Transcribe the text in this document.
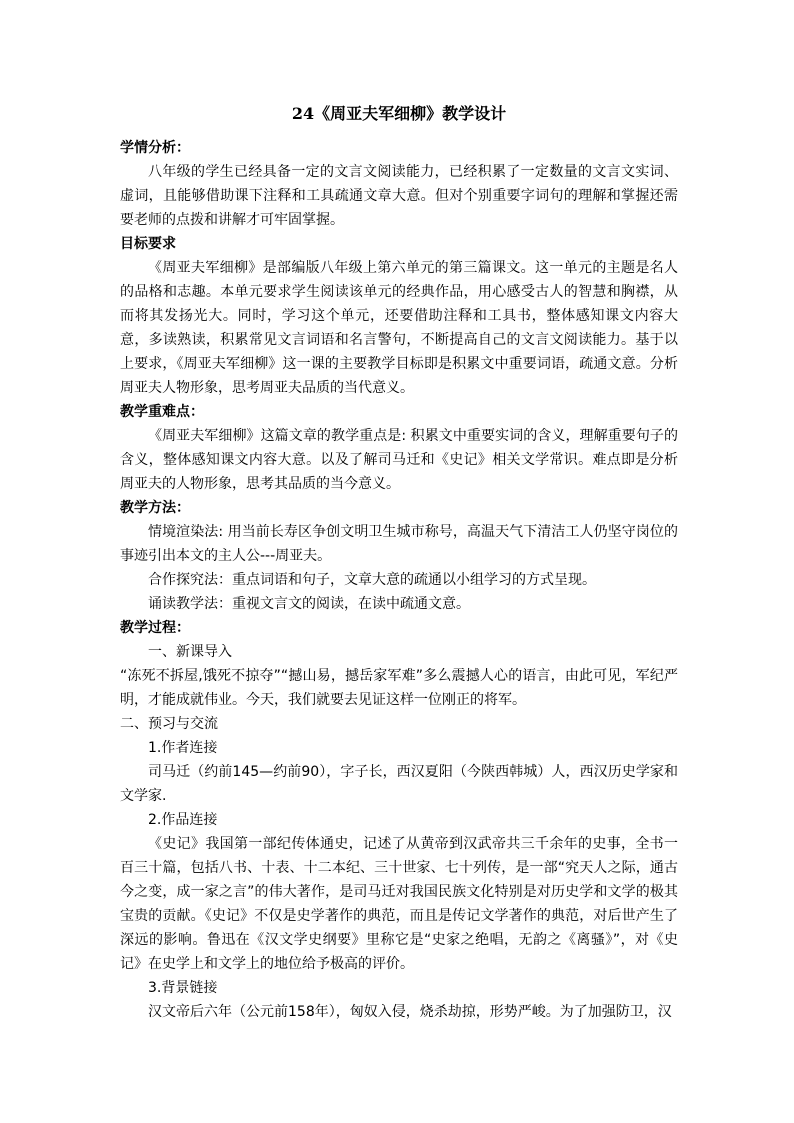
24《周亚夫军细柳》教学设计
学情分析：

八年级的学生已经具备一定的文言文阅读能力，已经积累了一定数量的文言文实词、虚词，且能够借助课下注释和工具疏通文章大意。但对个别重要字词句的理解和掌握还需要老师的点拨和讲解才可牢固掌握。

目标要求

《周亚夫军细柳》是部编版八年级上第六单元的第三篇课文。这一单元的主题是名人的品格和志趣。本单元要求学生阅读该单元的经典作品，用心感受古人的智慧和胸襟，从而将其发扬光大。同时，学习这个单元，还要借助注释和工具书，整体感知课文内容大意，多读熟读，积累常见文言词语和名言警句，不断提高自己的文言文阅读能力。基于以上要求，《周亚夫军细柳》这一课的主要教学目标即是积累文中重要词语，疏通文意。分析周亚夫人物形象，思考周亚夫品质的当代意义。

教学重难点：

《周亚夫军细柳》这篇文章的教学重点是: 积累文中重要实词的含义，理解重要句子的含义，整体感知课文内容大意。以及了解司马迁和《史记》相关文学常识。难点即是分析周亚夫的人物形象，思考其品质的当今意义。

教学方法：

情境渲染法: 用当前长寿区争创文明卫生城市称号，高温天气下清洁工人仍坚守岗位的事迹引出本文的主人公---周亚夫。

合作探究法：重点词语和句子，文章大意的疏通以小组学习的方式呈现。

诵读教学法：重视文言文的阅读，在读中疏通文意。

教学过程：
一、新课导入

“冻死不拆屋,饿死不掠夺”“撼山易，撼岳家军难”多么震撼人心的语言，由此可见，军纪严明，才能成就伟业。今天，我们就要去见证这样一位刚正的将军。

二、预习与交流
1.作者连接

司马迁（约前145—约前90），字子长，西汉夏阳（今陕西韩城）人，西汉历史学家和文学家.

2.作品连接

《史记》我国第一部纪传体通史，记述了从黄帝到汉武帝共三千余年的史事，全书一百三十篇，包括八书、十表、十二本纪、三十世家、七十列传，是一部“究天人之际，通古今之变，成一家之言”的伟大著作，是司马迁对我国民族文化特别是对历史学和文学的极其宝贵的贡献。《史记》不仅是史学著作的典范，而且是传记文学著作的典范，对后世产生了深远的影响。鲁迅在《汉文学史纲要》里称它是“史家之绝唱，无韵之《离骚》”，对《史记》在史学上和文学上的地位给予极高的评价。

3.背景链接

汉文帝后六年（公元前158年），匈奴入侵，烧杀劫掠，形势严峻。为了加强防卫，汉
